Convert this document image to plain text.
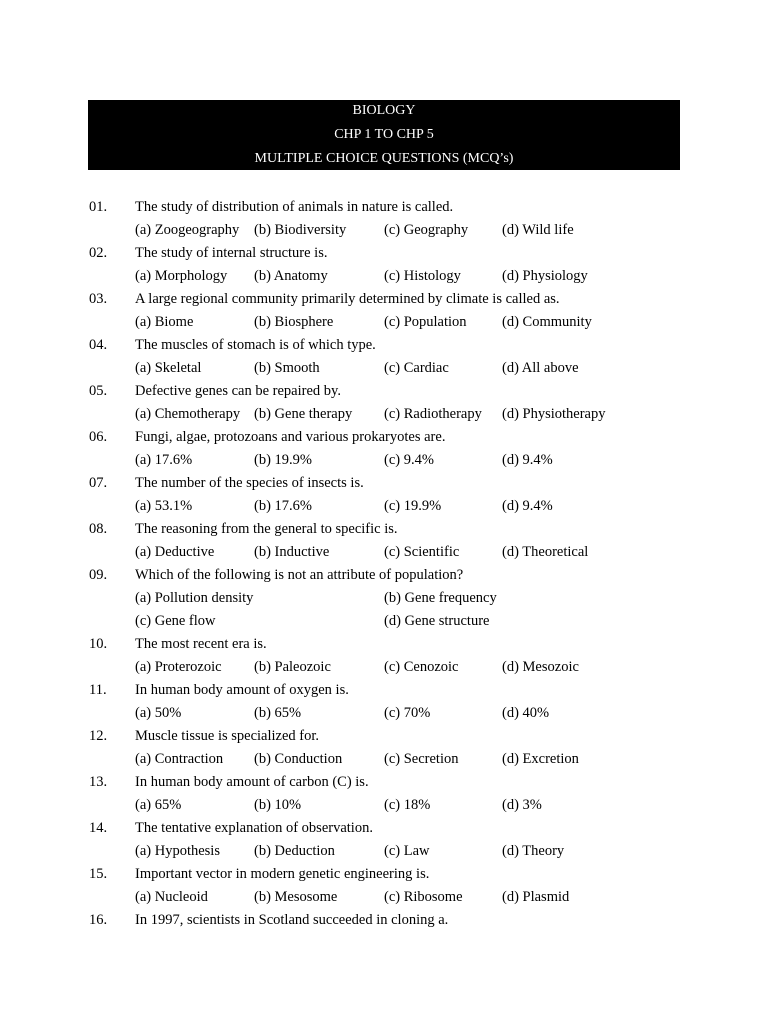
BIOLOGY
CHP 1 TO CHP 5
MULTIPLE CHOICE QUESTIONS (MCQ’s)
01. The study of distribution of animals in nature is called.
(a) Zoogeography (b) Biodiversity	(c) Geography (d) Wild life
02. The study of internal structure is.
(a) Morphology (b) Anatomy	(c) Histology	(d) Physiology
03. A large regional community primarily determined by climate is called as.
(a) Biome	(b) Biosphere	(c) Population (d) Community
04. The muscles of stomach is of which type.
(a) Skeletal	(b) Smooth	(c) Cardiac	(d) All above
05. Defective genes can be repaired by.
(a) Chemotherapy (b) Gene therapy (c) Radiotherapy (d) Physiotherapy
06. Fungi, algae, protozoans and various prokaryotes are.
(a) 17.6%	(b) 19.9%	(c) 9.4%	(d) 9.4%
07. The number of the species of insects is.
(a) 53.1%	(b) 17.6%	(c) 19.9%	(d) 9.4%
08. The reasoning from the general to specific is.
(a) Deductive	(b) Inductive	(c) Scientific	(d) Theoretical
09. Which of the following is not an attribute of population?
(a) Pollution density	(b) Gene frequency
(c) Gene flow	(d) Gene structure
10. The most recent era is.
(a) Proterozoic (b) Paleozoic	(c) Cenozoic	(d) Mesozoic
11. In human body amount of oxygen is.
(a) 50%	(b) 65%	(c) 70%	(d) 40%
12. Muscle tissue is specialized for.
(a) Contraction (b) Conduction	(c) Secretion	(d) Excretion
13. In human body amount of carbon (C) is.
(a) 65%	(b) 10%	(c) 18%	(d) 3%
14. The tentative explanation of observation.
(a) Hypothesis (b) Deduction	(c) Law	(d) Theory
15. Important vector in modern genetic engineering is.
(a) Nucleoid	(b) Mesosome	(c) Ribosome	(d) Plasmid
16. In 1997, scientists in Scotland succeeded in cloning a.
